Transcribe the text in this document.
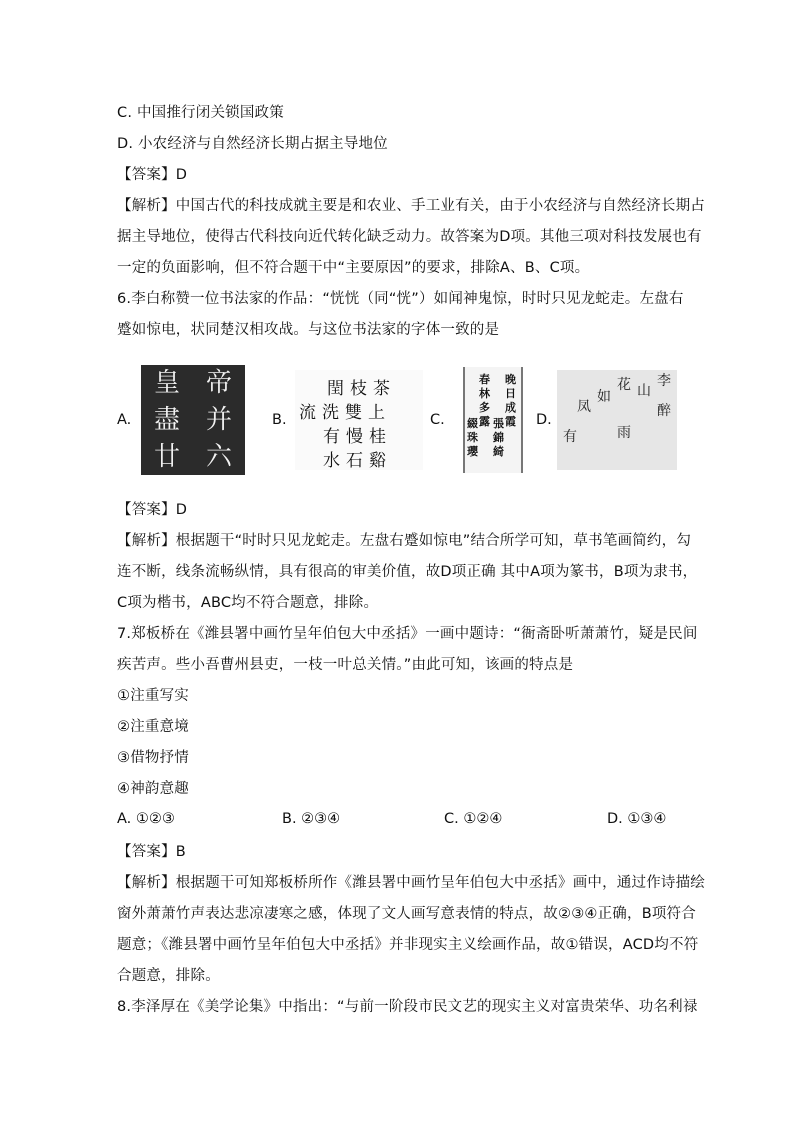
C. 中国推行闭关锁国政策
D. 小农经济与自然经济长期占据主导地位
【答案】D
【解析】中国古代的科技成就主要是和农业、手工业有关，由于小农经济与自然经济长期占
据主导地位，使得古代科技向近代转化缺乏动力。故答案为D项。其他三项对科技发展也有
一定的负面影响，但不符合题干中“主要原因”的要求，排除A、B、C项。
6.李白称赞一位书法家的作品：“恍恍（同“恍”）如闻神鬼惊，时时只见龙蛇走。左盘右
蹙如惊电，状同楚汉相攻战。与这位书法家的字体一致的是
A.
皇 帝
盡 并
廿 六
B.
閏枝茶
流洗雙上
有慢桂
水石谿
C.
晚日成霞
張錦綺
春林多露
綴珠瓔
D.
李
醉
山
花
如
凤
有	雨
【答案】D
【解析】根据题干“时时只见龙蛇走。左盘右蹙如惊电”结合所学可知，草书笔画简约，勾
连不断，线条流畅纵情，具有很高的审美价值，故D项正确 其中A项为篆书，B项为隶书，
C项为楷书，ABC均不符合题意，排除。
7.郑板桥在《潍县署中画竹呈年伯包大中丞括》一画中题诗：“衙斋卧听萧萧竹，疑是民间
疾苦声。些小吾曹州县吏，一枝一叶总关情。”由此可知，该画的特点是
①注重写实
②注重意境
③借物抒情
④神韵意趣
A. ①②③	B. ②③④	C. ①②④	D. ①③④
【答案】B
【解析】根据题干可知郑板桥所作《潍县署中画竹呈年伯包大中丞括》画中，通过作诗描绘
窗外萧萧竹声表达悲凉凄寒之感，体现了文人画写意表情的特点，故②③④正确，B项符合
题意；《潍县署中画竹呈年伯包大中丞括》并非现实主义绘画作品，故①错误，ACD均不符
合题意，排除。
8.李泽厚在《美学论集》中指出：“与前一阶段市民文艺的现实主义对富贵荣华、功名利禄
